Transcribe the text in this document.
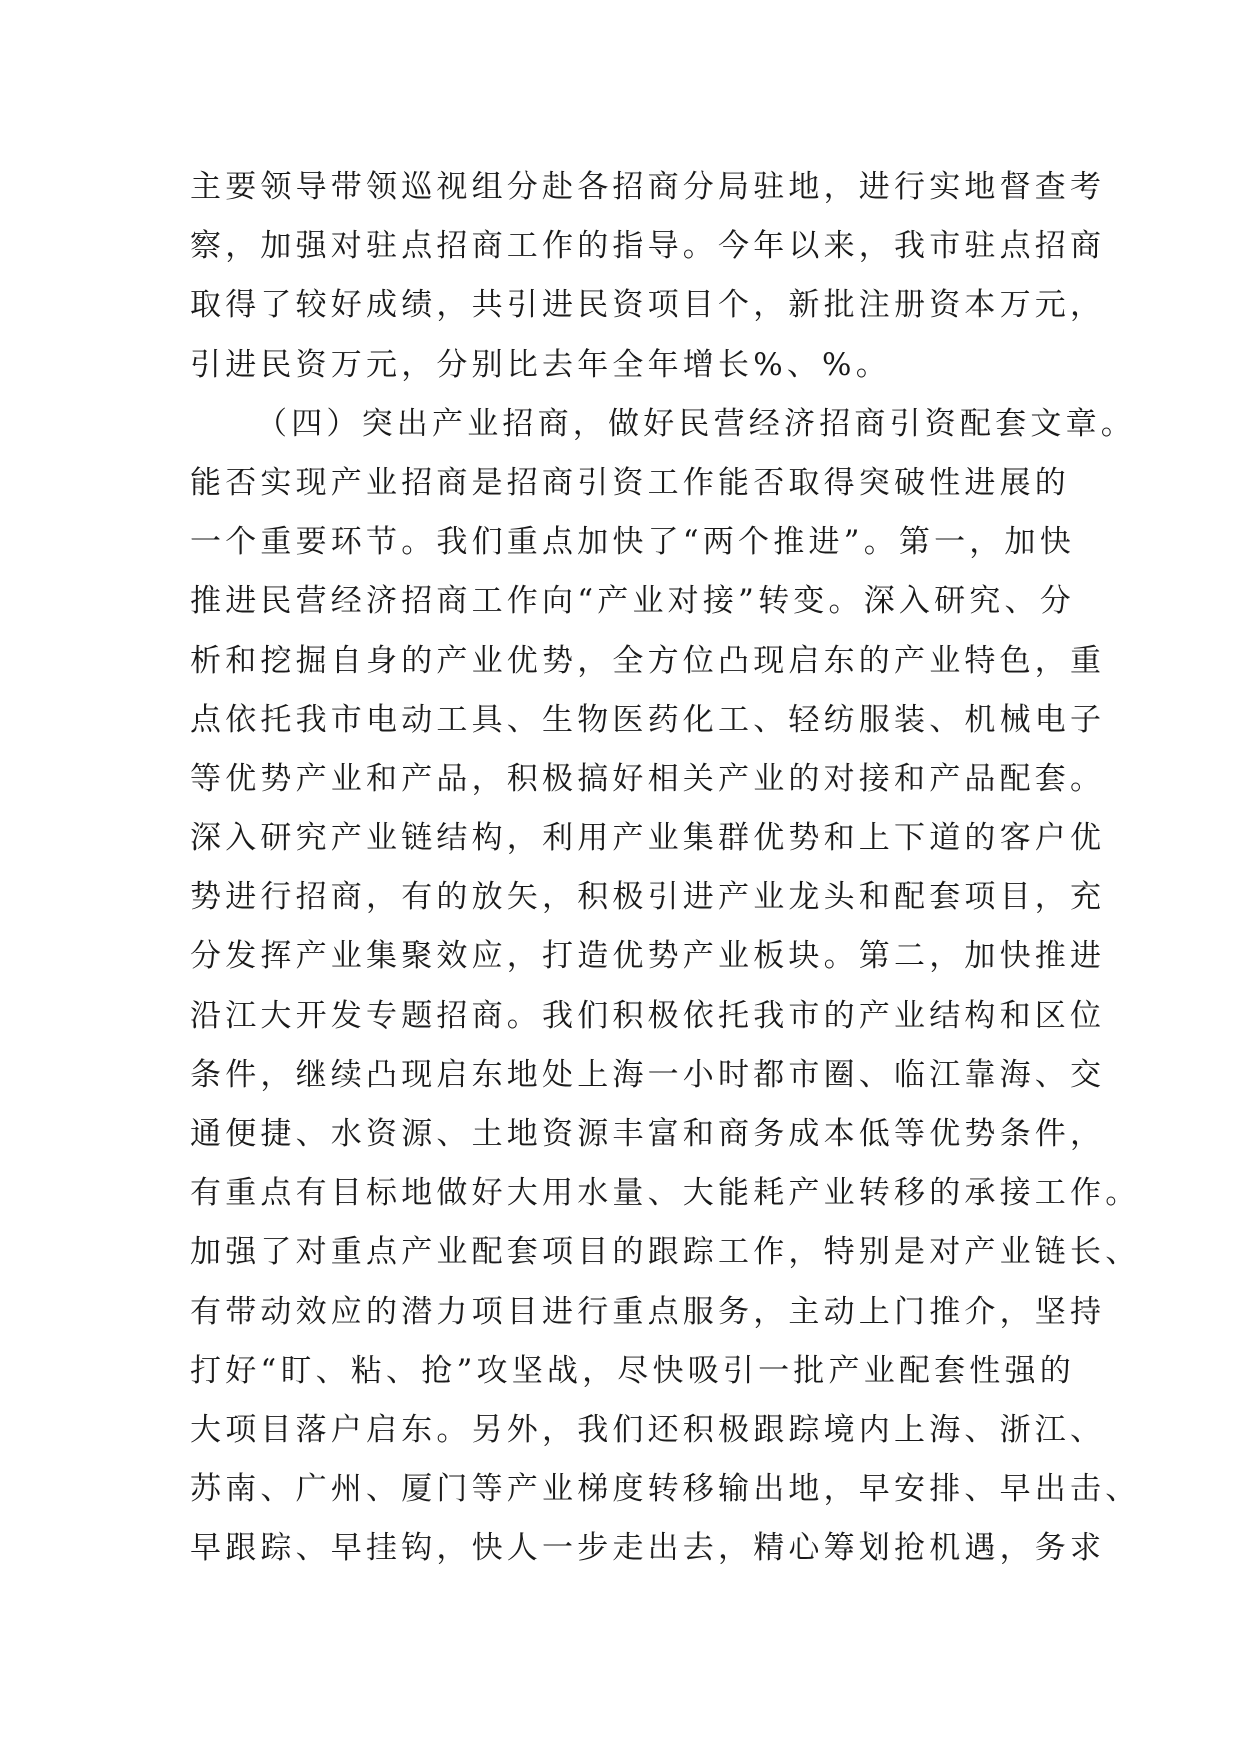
主要领导带领巡视组分赴各招商分局驻地，进行实地督查考
察，加强对驻点招商工作的指导。今年以来，我市驻点招商
取得了较好成绩，共引进民资项目个，新批注册资本万元，
引进民资万元，分别比去年全年增长%、%。
（四）突出产业招商，做好民营经济招商引资配套文章。
能否实现产业招商是招商引资工作能否取得突破性进展的
一个重要环节。我们重点加快了“两个推进”。第一，加快
推进民营经济招商工作向“产业对接”转变。深入研究、分
析和挖掘自身的产业优势，全方位凸现启东的产业特色，重
点依托我市电动工具、生物医药化工、轻纺服装、机械电子
等优势产业和产品，积极搞好相关产业的对接和产品配套。
深入研究产业链结构，利用产业集群优势和上下道的客户优
势进行招商，有的放矢，积极引进产业龙头和配套项目，充
分发挥产业集聚效应，打造优势产业板块。第二，加快推进
沿江大开发专题招商。我们积极依托我市的产业结构和区位
条件，继续凸现启东地处上海一小时都市圈、临江靠海、交
通便捷、水资源、土地资源丰富和商务成本低等优势条件，
有重点有目标地做好大用水量、大能耗产业转移的承接工作。
加强了对重点产业配套项目的跟踪工作，特别是对产业链长、
有带动效应的潜力项目进行重点服务，主动上门推介，坚持
打好“盯、粘、抢”攻坚战，尽快吸引一批产业配套性强的
大项目落户启东。另外，我们还积极跟踪境内上海、浙江、
苏南、广州、厦门等产业梯度转移输出地，早安排、早出击、
早跟踪、早挂钩，快人一步走出去，精心筹划抢机遇，务求
